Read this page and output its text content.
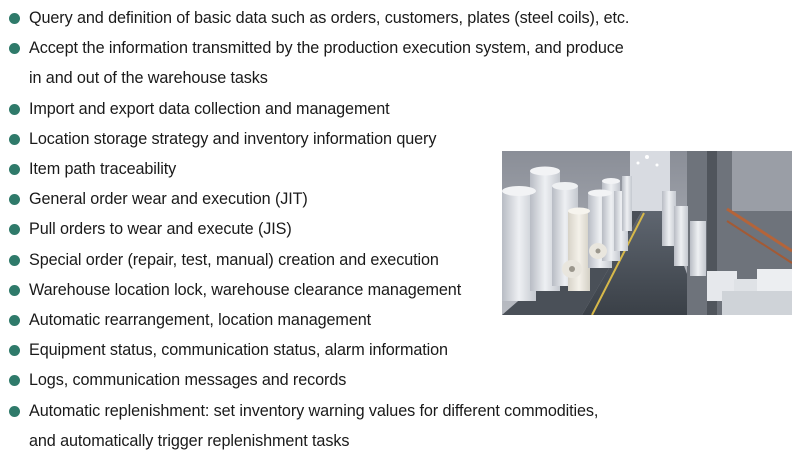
Query and definition of basic data such as orders, customers, plates (steel coils), etc.
Accept the information transmitted by the production execution system, and produce
in and out of the warehouse tasks
Import and export data collection and management
Location storage strategy and inventory information query
Item path traceability
General order wear and execution (JIT)
Pull orders to wear and execute (JIS)
Special order (repair, test, manual) creation and execution
Warehouse location lock, warehouse clearance management
Automatic rearrangement, location management
Equipment status, communication status, alarm information
Logs, communication messages and records
Automatic replenishment: set inventory warning values for different commodities,
and automatically trigger replenishment tasks
